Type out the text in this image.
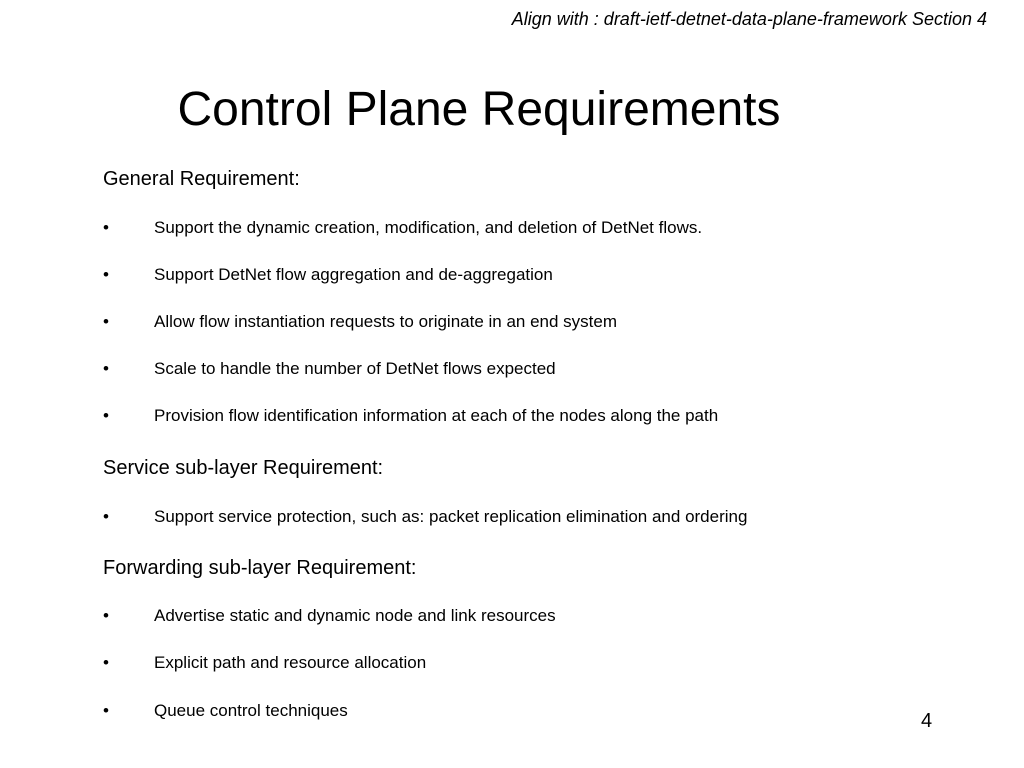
Align with : draft-ietf-detnet-data-plane-framework Section 4
Control Plane Requirements
General Requirement:
•	Support the dynamic creation, modification, and deletion of DetNet flows.
•	Support DetNet flow aggregation and de-aggregation
•	Allow flow instantiation requests to originate in an end system
•	Scale to handle the number of DetNet flows expected
•	Provision flow identification information at each of the nodes along the path
Service sub-layer Requirement:
•	Support service protection, such as: packet replication elimination and ordering
Forwarding sub-layer Requirement:
•	Advertise static and dynamic node and link resources
•	Explicit path and resource allocation
•	Queue control techniques	4
